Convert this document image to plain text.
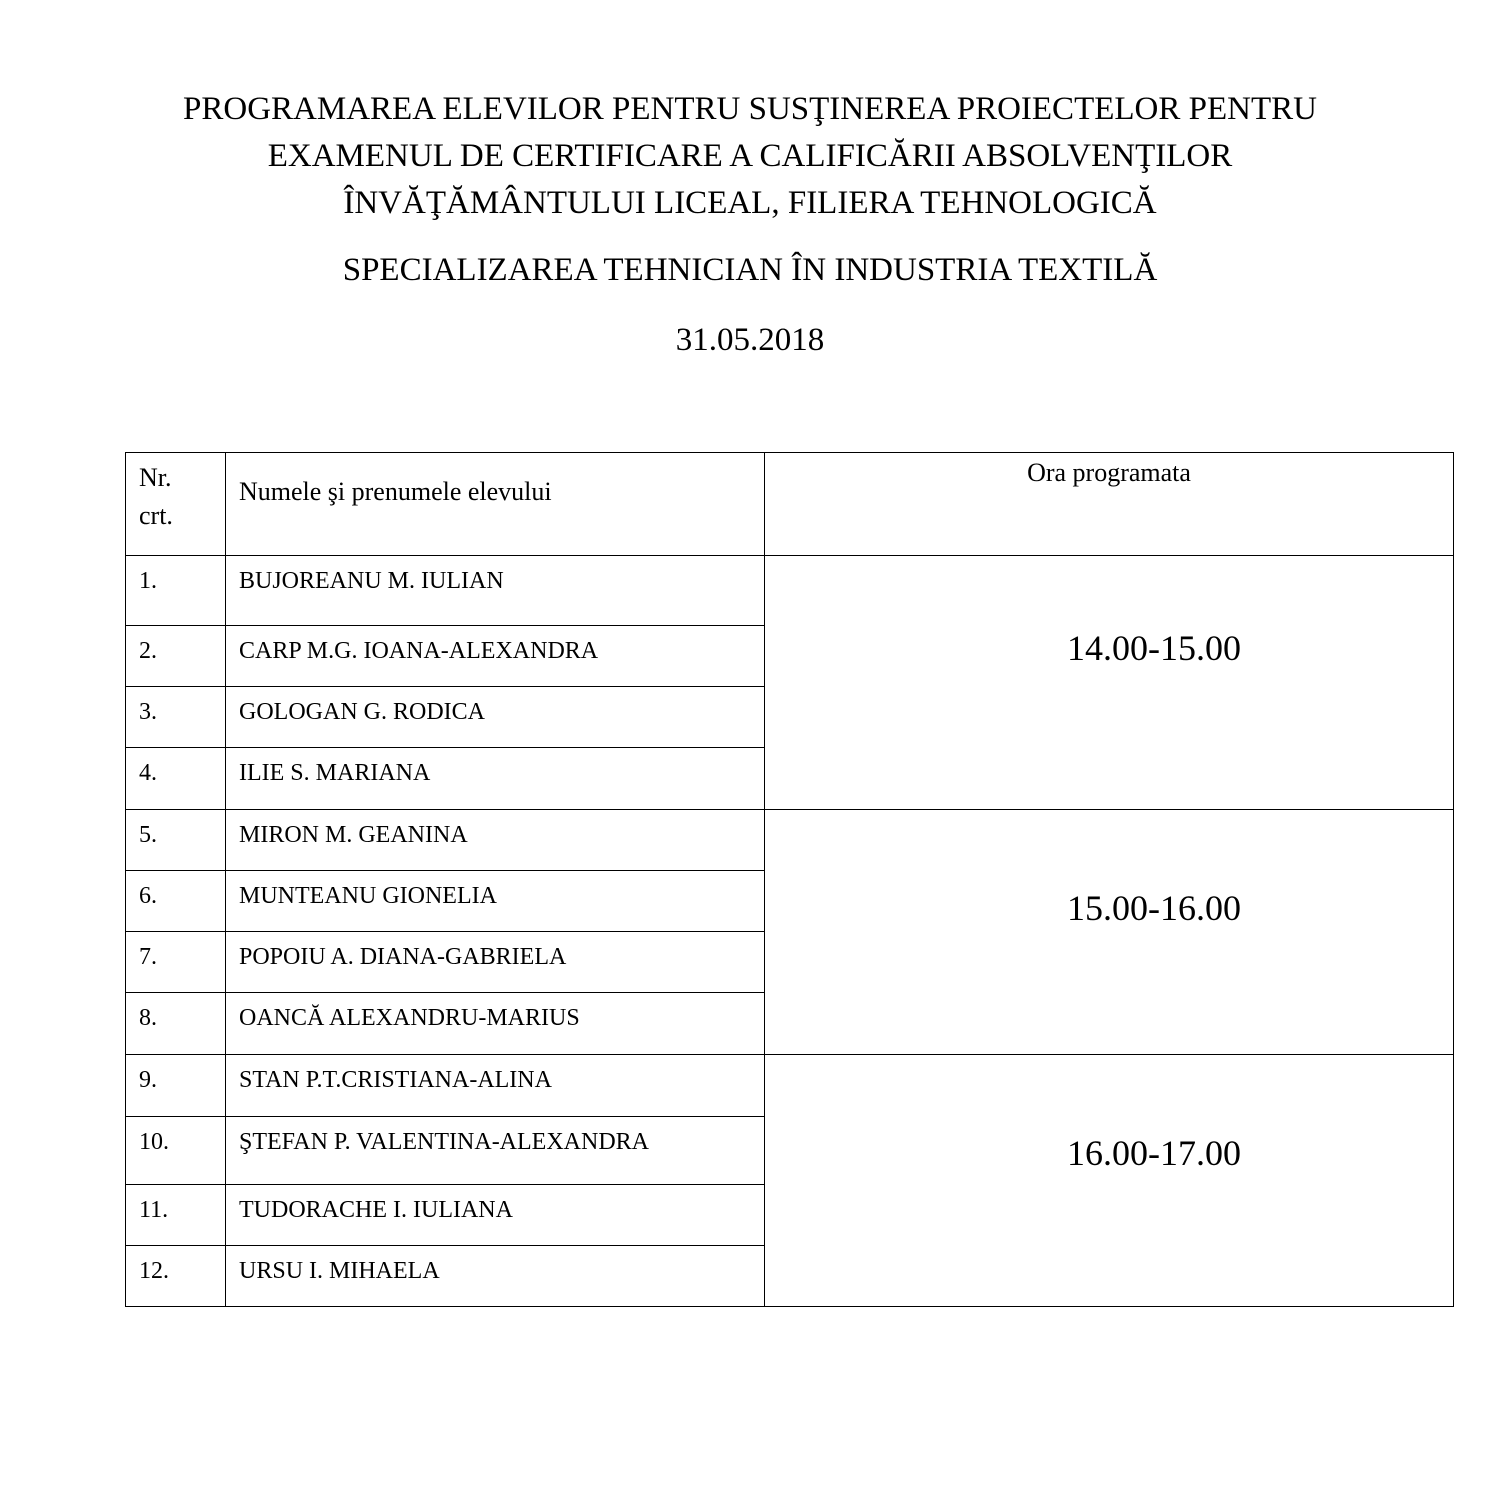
PROGRAMAREA ELEVILOR PENTRU SUSŢINEREA PROIECTELOR PENTRU
EXAMENUL DE CERTIFICARE A CALIFICĂRII ABSOLVENŢILOR
ÎNVĂŢĂMÂNTULUI LICEAL, FILIERA TEHNOLOGICĂ
SPECIALIZAREA TEHNICIAN ÎN INDUSTRIA TEXTILĂ
31.05.2018
Nr.
crt.	Numele şi prenumele elevului	Ora programata
1.	BUJOREANU M. IULIAN	14.00-15.00

2.	CARP M.G. IOANA-ALEXANDRA	
3.	GOLOGAN G. RODICA	
4.	ILIE S. MARIANA	
5.	MIRON M. GEANINA	15.00-16.00

6.	MUNTEANU GIONELIA	
7.	POPOIU A. DIANA-GABRIELA	
8.	OANCĂ ALEXANDRU-MARIUS	
9.	STAN P.T.CRISTIANA-ALINA	16.00-17.00

10.	ŞTEFAN P. VALENTINA-ALEXANDRA	
11.	TUDORACHE I. IULIANA	
12.	URSU I. MIHAELA	
